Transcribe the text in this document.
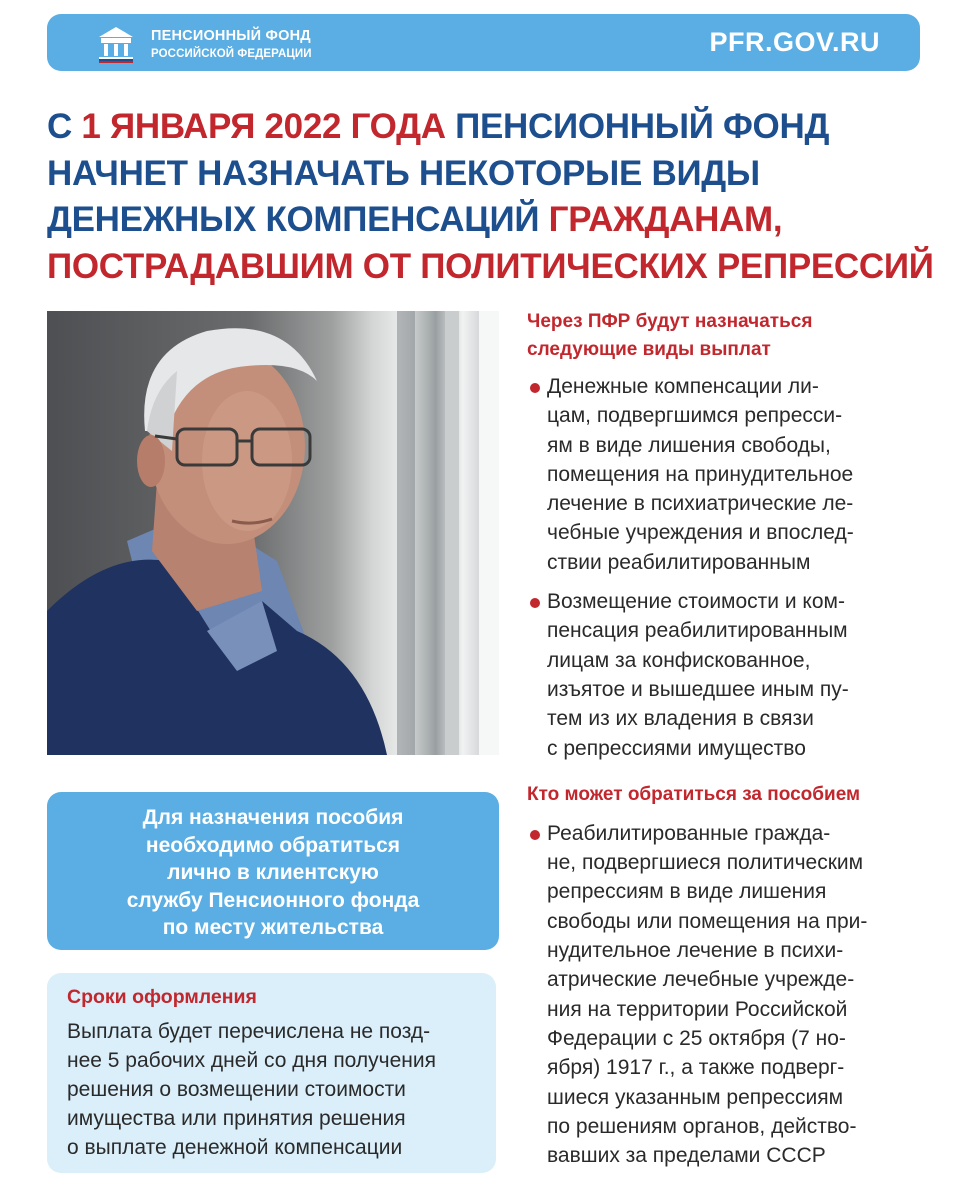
ПЕНСИОННЫЙ ФОНД
РОССИЙСКОЙ ФЕДЕРАЦИИ	PFR.GOV.RU
С 1 ЯНВАРЯ 2022 ГОДА ПЕНСИОННЫЙ ФОНД
НАЧНЕТ НАЗНАЧАТЬ НЕКОТОРЫЕ ВИДЫ
ДЕНЕЖНЫХ КОМПЕНСАЦИЙ ГРАЖДАНАМ,
ПОСТРАДАВШИМ ОТ ПОЛИТИЧЕСКИХ РЕПРЕССИЙ

Через ПФР будут назначаться
следующие виды выплат

Денежные компенсации ли-
цам, подвергшимся репресси-
ям в виде лишения свободы,
помещения на принудительное
лечение в психиатрические ле-
чебные учреждения и впослед-
ствии реабилитированным
Возмещение стоимости и ком-
пенсация реабилитированным
лицам за конфискованное,
изъятое и вышедшее иным пу-
тем из их владения в связи
с репрессиями имущество

Кто может обратиться за пособием

Реабилитированные гражда-
не, подвергшиеся политическим
репрессиям в виде лишения
свободы или помещения на при-
нудительное лечение в психи-
атрические лечебные учрежде-
ния на территории Российской
Федерации с 25 октября (7 но-
ября) 1917 г., а также подверг-
шиеся указанным репрессиям
по решениям органов, действо-
вавших за пределами СССР
Для назначения пособия
необходимо обратиться
лично в клиентскую
службу Пенсионного фонда
по месту жительства
Сроки оформления
Выплата будет перечислена не позд-
нее 5 рабочих дней со дня получения
решения о возмещении стоимости
имущества или принятия решения
о выплате денежной компенсации
